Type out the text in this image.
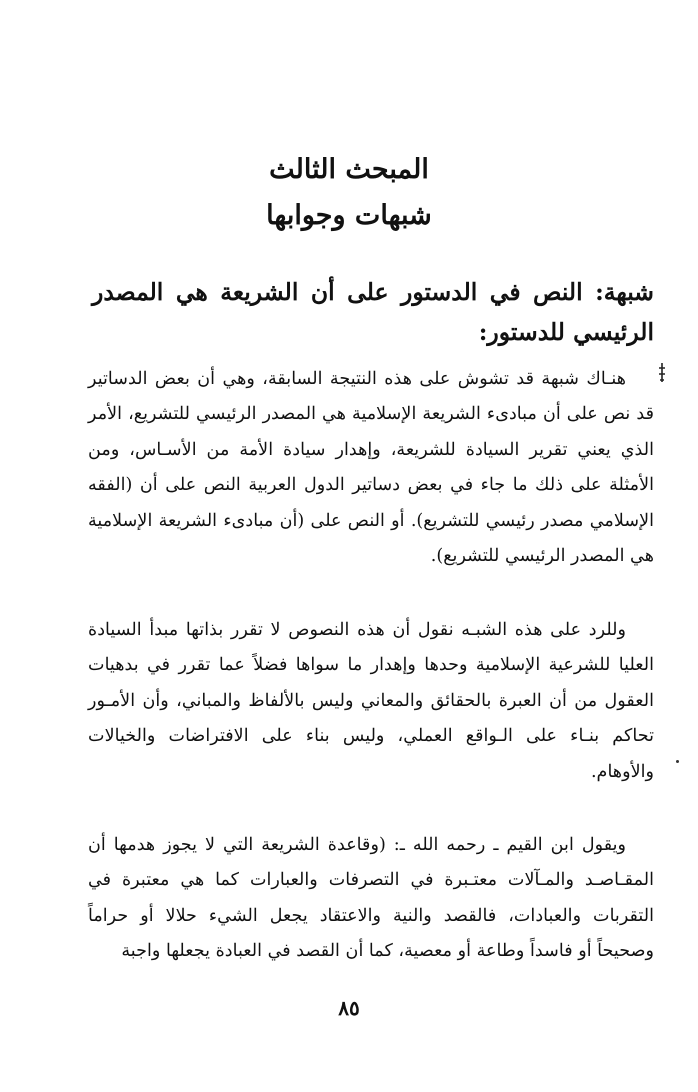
المبحث الثالث
شبهات وجوابها
شبهة: النص في الدستور على أن الشريعة هي المصدر الرئيسي للدستور:

هنـاك شبهة قد تشوش على هذه النتيجة السابقة، وهي أن بعض الدساتير قد نص على أن مبادىء الشريعة الإسلامية هي المصدر الرئيسي للتشريع، الأمر الذي يعني تقرير السيادة للشريعة، وإهدار سيادة الأمة من الأسـاس، ومن الأمثلة على ذلك ما جاء في بعض دساتير الدول العربية النص على أن (الفقه الإسلامي مصدر رئيسي للتشريع). أو النص على (أن مبادىء الشريعة الإسلامية هي المصدر الرئيسي للتشريع).

وللرد على هذه الشبـه نقول أن هذه النصوص لا تقرر بذاتها مبدأ السيادة العليا للشرعية الإسلامية وحدها وإهدار ما سواها فضلاً عما تقرر في بدهيات العقول من أن العبرة بالحقائق والمعاني وليس بالألفاظ والمباني، وأن الأمـور تحاكم بنـاء على الـواقع العملي، وليس بناء على الافتراضات والخيالات والأوهام.

ويقول ابن القيم ـ رحمه الله ـ: (وقاعدة الشريعة التي لا يجوز هدمها أن المقـاصـد والمـآلات معتـبرة في التصرفات والعبارات كما هي معتبرة في التقربات والعبادات، فالقصد والنية والاعتقاد يجعل الشيء حلالا أو حراماً وصحيحاً أو فاسداً وطاعة أو معصية، كما أن القصد في العبادة يجعلها واجبة

٨٥
